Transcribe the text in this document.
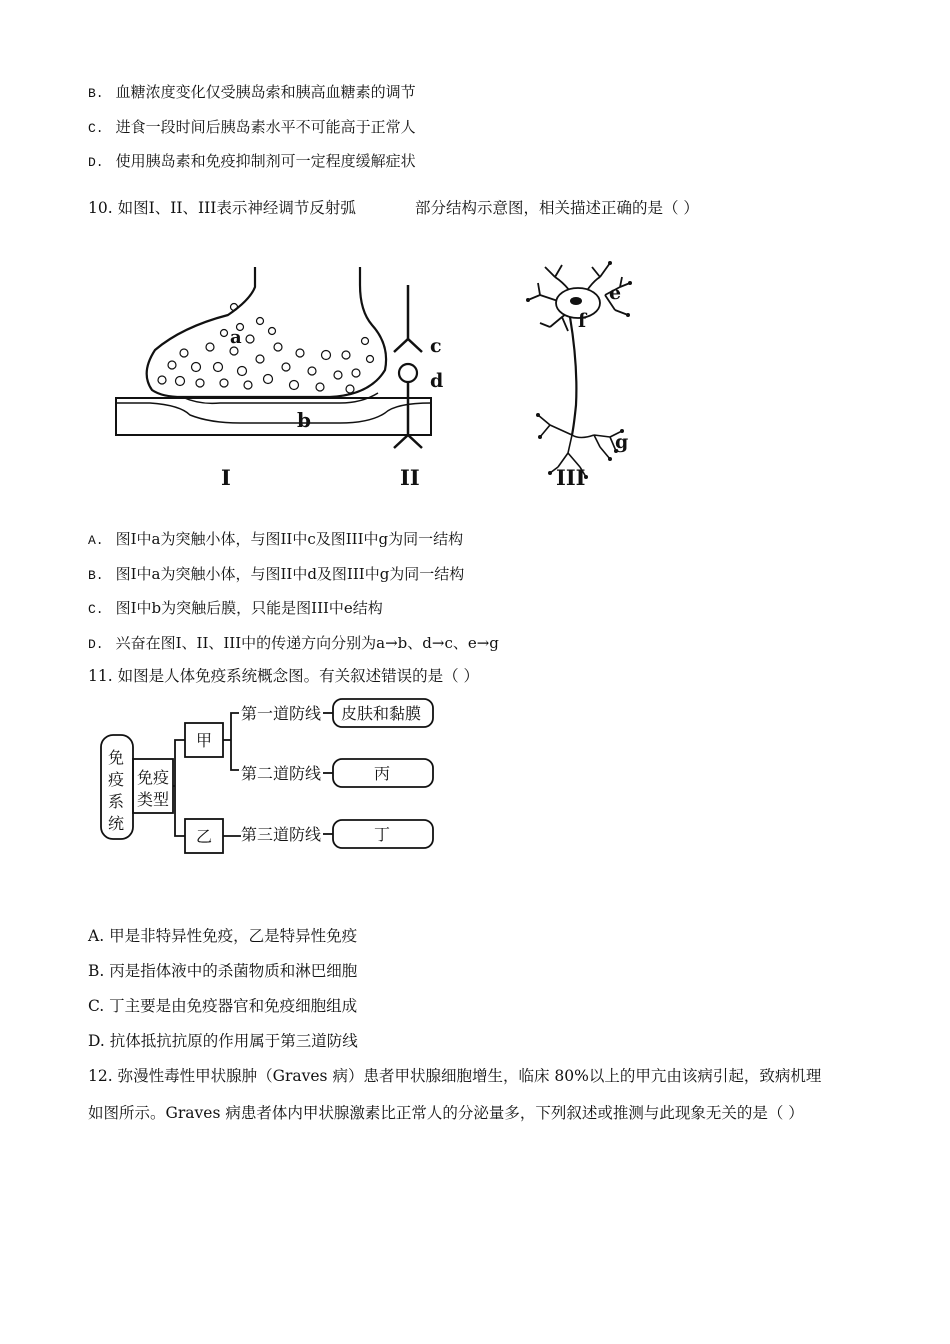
B. 血糖浓度变化仅受胰岛索和胰高血糖素的调节
C. 进食一段时间后胰岛素水平不可能高于正常人
D. 使用胰岛素和免疫抑制剂可一定程度缓解症状
10. 如图I、II、III表示神经调节反射弧	部分结构示意图，相关描述正确的是（ ）
a
b
I
c
d
II
e
f
g
III
A. 图I中a为突触小体，与图II中c及图III中g为同一结构
B. 图I中a为突触小体，与图II中d及图III中g为同一结构
C. 图I中b为突触后膜，只能是图III中e结构
D. 兴奋在图I、II、III中的传递方向分别为a→b、d→c、e→g
11. 如图是人体免疫系统概念图。有关叙述错误的是（ ）
免
疫
系
统
免疫
类型
甲
乙
第一道防线
第二道防线
第三道防线
皮肤和黏膜
丙
丁
A. 甲是非特异性免疫，乙是特异性免疫
B. 丙是指体液中的杀菌物质和淋巴细胞
C. 丁主要是由免疫器官和免疫细胞组成
D. 抗体抵抗抗原的作用属于第三道防线
12. 弥漫性毒性甲状腺肿（Graves 病）患者甲状腺细胞增生，临床 80%以上的甲亢由该病引起，致病机理
如图所示。Graves 病患者体内甲状腺激素比正常人的分泌量多，下列叙述或推测与此现象无关的是（ ）
